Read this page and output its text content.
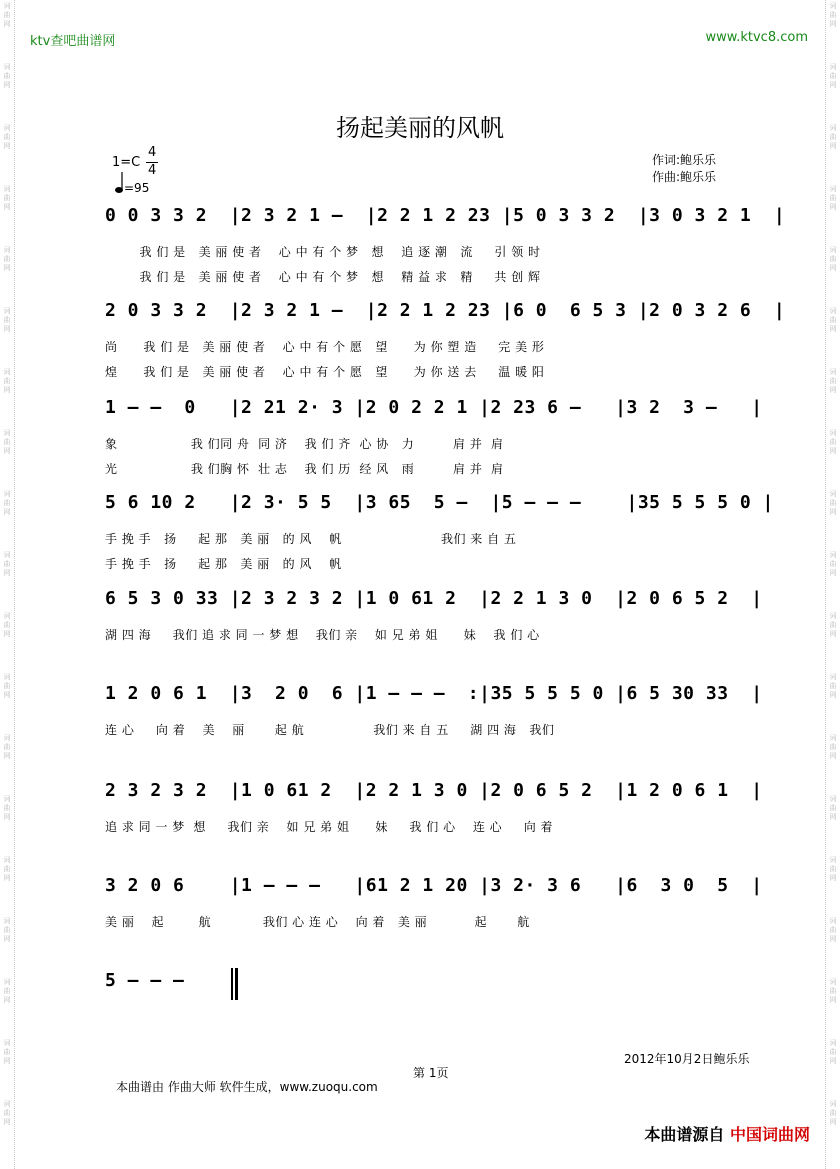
词
曲
网
词
曲
网
词
曲
网
词
曲
网
词
曲
网
词
曲
网
词
曲
网
词
曲
网
词
曲
网
词
曲
网
词
曲
网
词
曲
网
词
曲
网
词
曲
网
词
曲
网
词
曲
网
词
曲
网
词
曲
网
词
曲
网
词
曲
网
词
曲
网
词
曲
网
词
曲
网
词
曲
网
词
曲
网
词
曲
网
词
曲
网
词
曲
网
词
曲
网
词
曲
网
词
曲
网
词
曲
网
词
曲
网
词
曲
网
词
曲
网
词
曲
网
词
曲
网
词
曲
网
ktv查吧曲谱网	www.ktvc8.com
扬起美丽的风帆
1=C
4
4
=95
作词:鲍乐乐
作曲:鲍乐乐
0 0 3 3 2  |2 3 2 1 –  |2 2 1 2 23 |5 0 3 3 2  |3 0 3 2 1  |
我 们 是   美 丽 使 者    心 中 有 个 梦   想    追 逐 潮   流     引 领 时
我 们 是   美 丽 使 者    心 中 有 个 梦   想    精 益 求   精     共 创 辉
2 0 3 3 2  |2 3 2 1 –  |2 2 1 2 23 |6 0  6 5 3 |2 0 3 2 6  |
尚      我 们 是   美 丽 使 者    心 中 有 个 愿   望      为 你 塑 造     完 美 形
煌      我 们 是   美 丽 使 者    心 中 有 个 愿   望      为 你 送 去     温 暖 阳
1 – –  0   |2 21 2· 3 |2 0 2 2 1 |2 23 6 –   |3 2  3 –   |
象                 我 们同 舟  同 济    我 们 齐  心 协   力         肩 并  肩
光                 我 们胸 怀  壮 志    我 们 历  经 风   雨         肩 并  肩
5 6 10 2   |2 3· 5 5  |3 65  5 –  |5 – – –    |35 5 5 5 0 |
手 挽 手   扬     起 那   美 丽   的 风    帆                       我们 来 自 五
手 挽 手   扬     起 那   美 丽   的 风    帆
6 5 3 0 33 |2 3 2 3 2 |1 0 61 2  |2 2 1 3 0  |2 0 6 5 2  |
湖 四 海     我们 追 求 同 一 梦 想    我们 亲    如 兄 弟 姐      妹    我 们 心
1 2 0 6 1  |3  2 0  6 |1 – – –  :|35 5 5 5 0 |6 5 30 33  |
连 心     向 着    美    丽       起 航                我们 来 自 五     湖 四 海   我们
2 3 2 3 2  |1 0 61 2  |2 2 1 3 0 |2 0 6 5 2  |1 2 0 6 1  |
追 求 同 一 梦  想     我们 亲    如 兄 弟 姐      妹     我 们 心    连 心     向 着
3 2 0 6    |1 – – –   |61 2 1 20 |3 2· 3 6   |6  3 0  5  |
美 丽    起        航            我们 心 连 心    向 着   美 丽           起       航
5 – – –
2012年10月2日鲍乐乐
第 1页
本曲谱由 作曲大师 软件生成，www.zuoqu.com
本曲谱源自 中国词曲网
